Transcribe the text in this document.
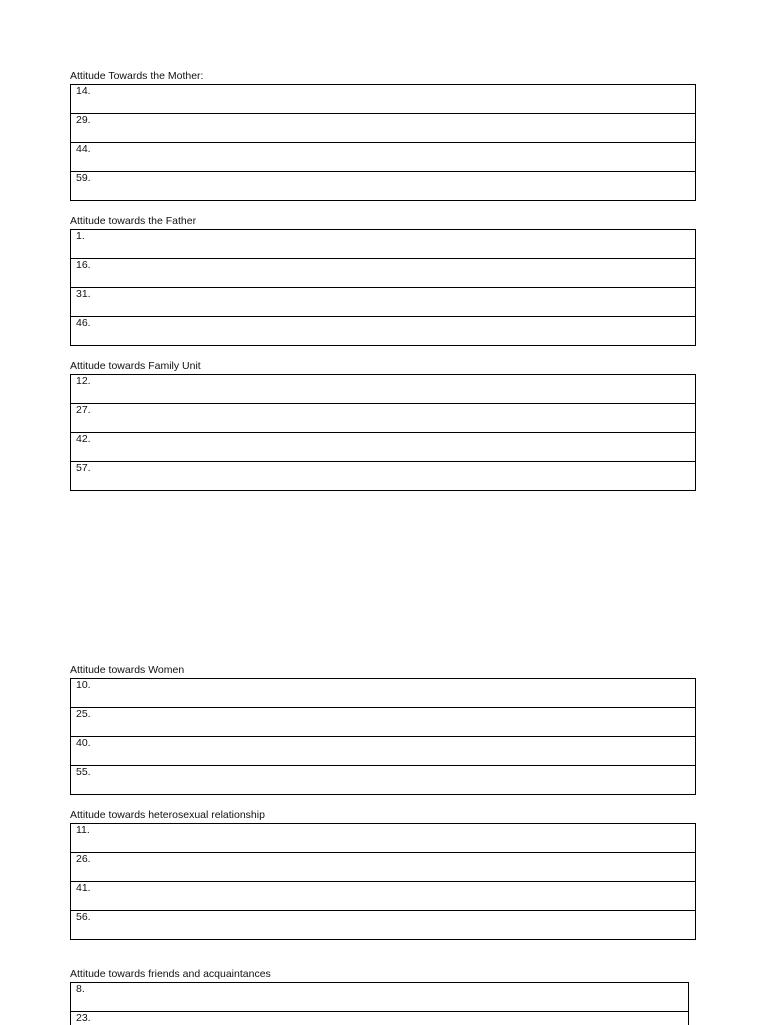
Attitude Towards the Mother:
14.
29.
44.
59.
Attitude towards the Father
1.
16.
31.
46.
Attitude towards Family Unit
12.
27.
42.
57.
Attitude towards Women
10.
25.
40.
55.
Attitude towards heterosexual relationship
11.
26.
41.
56.
Attitude towards friends and acquaintances
8.
23.
